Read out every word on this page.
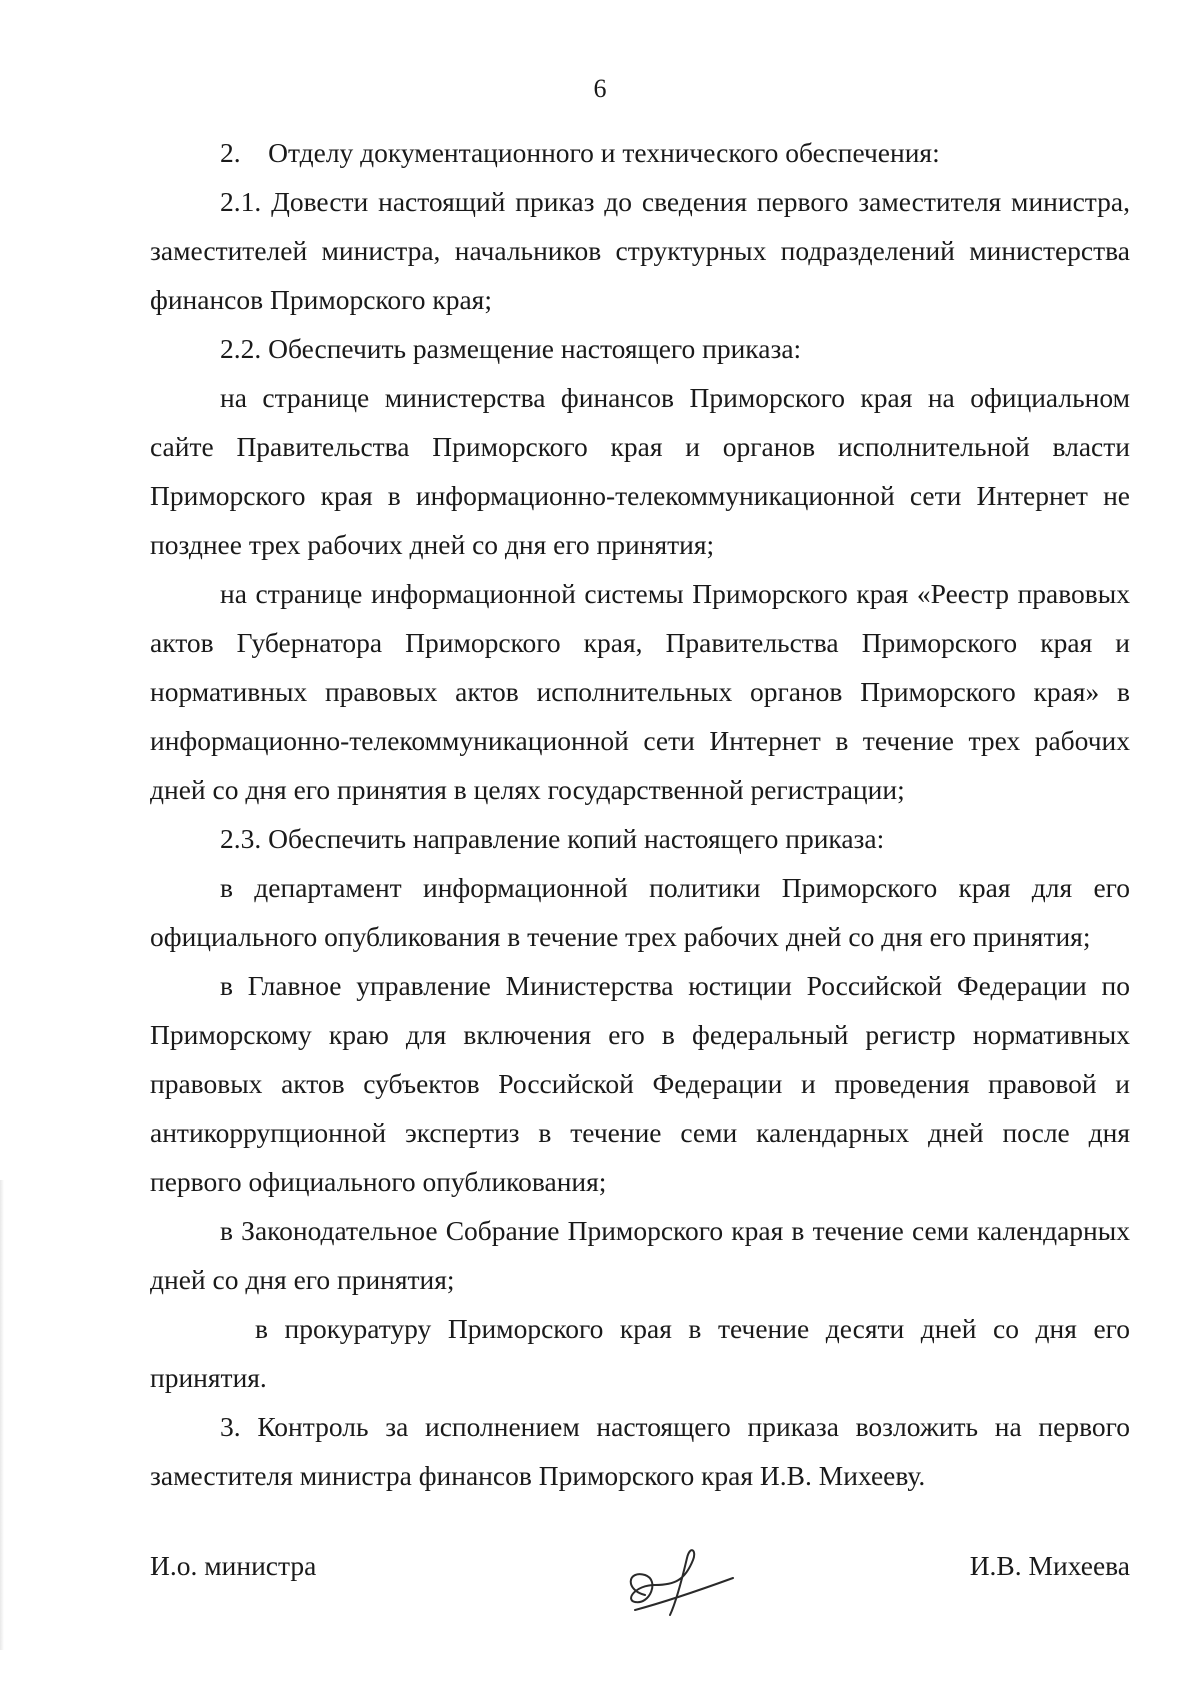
6

2. Отделу документационного и технического обеспечения:

2.1. Довести настоящий приказ до сведения первого заместителя министра, заместителей министра, начальников структурных подразделений министерства финансов Приморского края;

2.2. Обеспечить размещение настоящего приказа:

на странице министерства финансов Приморского края на официальном сайте Правительства Приморского края и органов исполнительной власти Приморского края в информационно-телекоммуникационной сети Интернет не позднее трех рабочих дней со дня его принятия;

на странице информационной системы Приморского края «Реестр правовых актов Губернатора Приморского края, Правительства Приморского края и нормативных правовых актов исполнительных органов Приморского края» в информационно-телекоммуникационной сети Интернет в течение трех рабочих дней со дня его принятия в целях государственной регистрации;

2.3. Обеспечить направление копий настоящего приказа:

в департамент информационной политики Приморского края для его официального опубликования в течение трех рабочих дней со дня его принятия;

в Главное управление Министерства юстиции Российской Федерации по Приморскому краю для включения его в федеральный регистр нормативных правовых актов субъектов Российской Федерации и проведения правовой и антикоррупционной экспертиз в течение семи календарных дней после дня первого официального опубликования;

в Законодательное Собрание Приморского края в течение семи календарных дней со дня его принятия;

в прокуратуру Приморского края в течение десяти дней со дня его принятия.

3. Контроль за исполнением настоящего приказа возложить на первого заместителя министра финансов Приморского края И.В. Михееву.

И.о. министра	И.В. Михеева
